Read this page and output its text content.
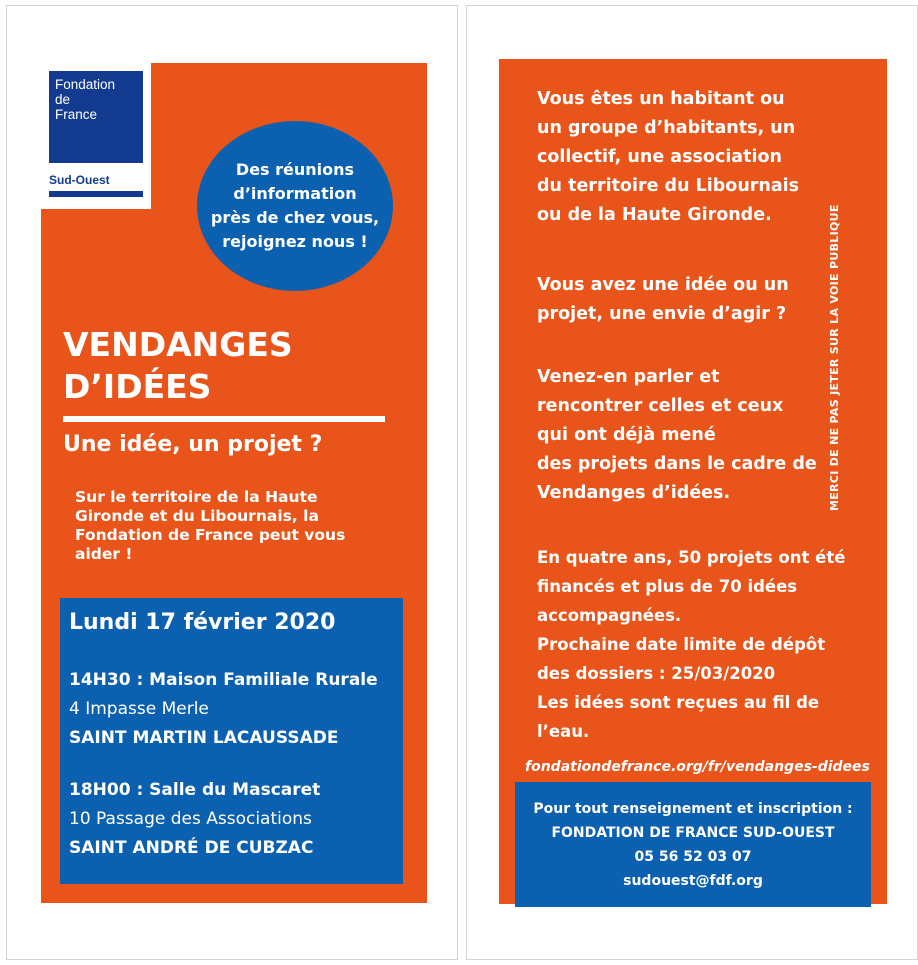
Fondation
de
France
Sud-Ouest
Des réunions
d’information
près de chez vous,
rejoignez nous !
VENDANGES
D’IDÉES
Une idée, un projet ?
Sur le territoire de la Haute
Gironde et du Libournais, la
Fondation de France peut vous
aider !
Lundi 17 février 2020
14H30 : Maison Familiale Rurale
4 Impasse Merle
SAINT MARTIN LACAUSSADE
18H00 : Salle du Mascaret
10 Passage des Associations
SAINT ANDRÉ DE CUBZAC
Vous êtes un habitant ou
un groupe d’habitants, un
collectif, une association
du territoire du Libournais
ou de la Haute Gironde.
Vous avez une idée ou un
projet, une envie d’agir ?
Venez-en parler et
rencontrer celles et ceux
qui ont déjà mené
des projets dans le cadre de
Vendanges d’idées.
En quatre ans, 50 projets ont été
financés et plus de 70 idées
accompagnées.
Prochaine date limite de dépôt
des dossiers : 25/03/2020
Les idées sont reçues au fil de
l’eau.
MERCI DE NE PAS JETER SUR LA VOIE PUBLIQUE
fondationdefrance.org/fr/vendanges-didees
Pour tout renseignement et inscription :
FONDATION DE FRANCE SUD-OUEST
05 56 52 03 07
sudouest@fdf.org
